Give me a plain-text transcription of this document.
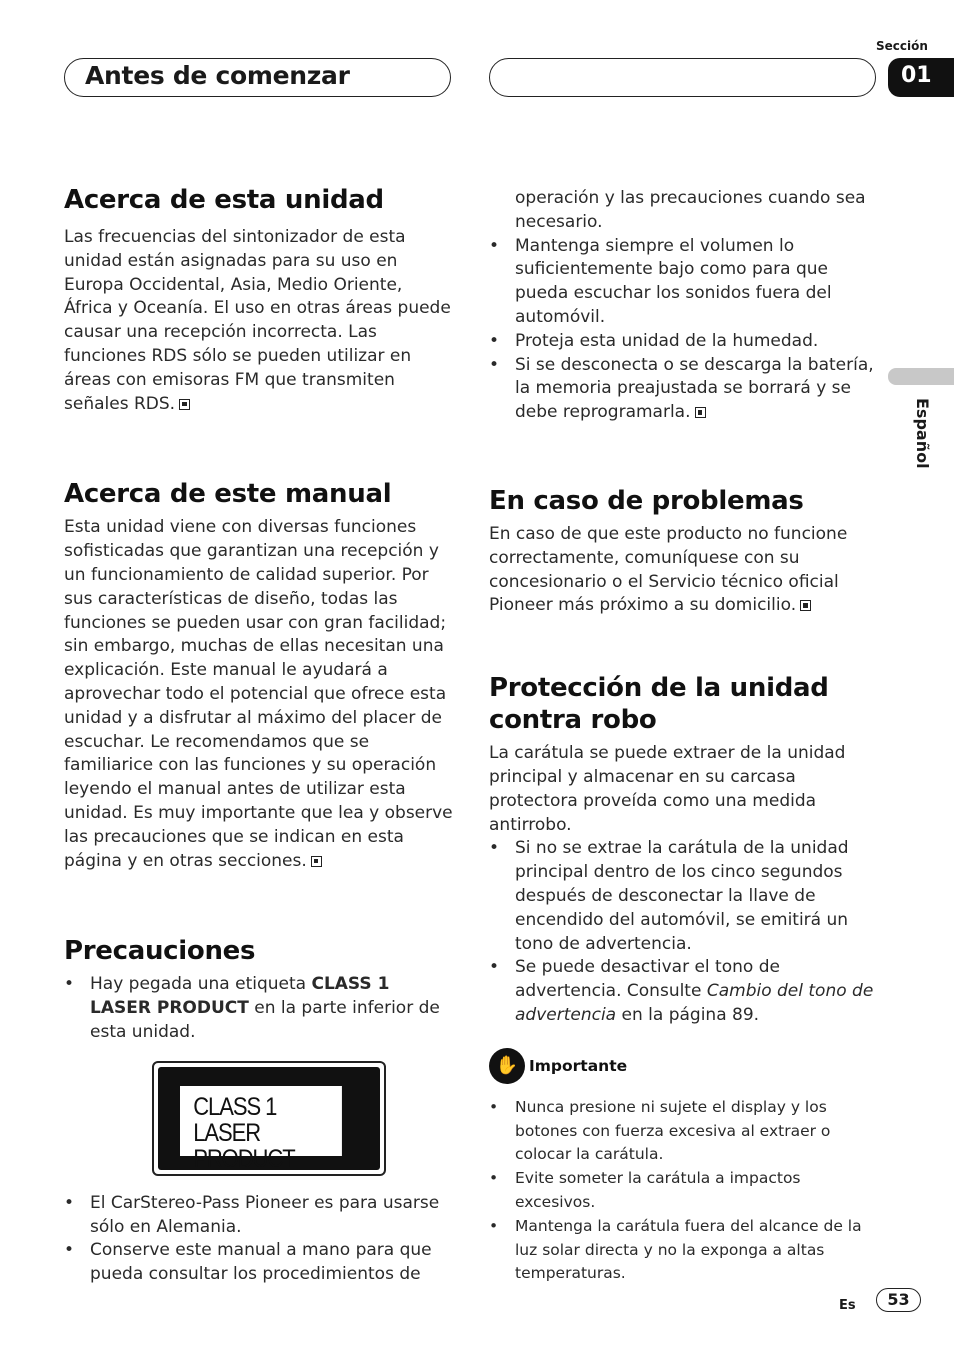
Antes de comenzar
Sección
01
Español
Acerca de esta unidad

Las frecuencias del sintonizador de esta unidad están asignadas para su uso en Europa Occidental, Asia, Medio Oriente, África y Oceanía. El uso en otras áreas puede causar una recepción incorrecta. Las funciones RDS sólo se pueden utilizar en áreas con emisoras FM que transmiten señales RDS.

Acerca de este manual

Esta unidad viene con diversas funciones sofisticadas que garantizan una recepción y un funcionamiento de calidad superior. Por sus características de diseño, todas las funciones se pueden usar con gran facilidad; sin embargo, muchas de ellas necesitan una explicación. Este manual le ayudará a aprovechar todo el potencial que ofrece esta unidad y a disfrutar al máximo del placer de escuchar. Le recomendamos que se familiarice con las funciones y su operación leyendo el manual antes de utilizar esta unidad. Es muy importante que lea y observe las precauciones que se indican en esta página y en otras secciones.

Precauciones
• Hay pegada una etiqueta CLASS 1 LASER PRODUCT en la parte inferior de esta unidad.
CLASS 1
LASER PRODUCT
• El CarStereo-Pass Pioneer es para usarse sólo en Alemania.
• Conserve este manual a mano para que pueda consultar los procedimientos de

operación y las precauciones cuando sea necesario.

• Mantenga siempre el volumen lo suficientemente bajo como para que pueda escuchar los sonidos fuera del automóvil.
• Proteja esta unidad de la humedad.
• Si se desconecta o se descarga la batería, la memoria preajustada se borrará y se debe reprogramarla.
En caso de problemas

En caso de que este producto no funcione correctamente, comuníquese con su concesionario o el Servicio técnico oficial Pioneer más próximo a su domicilio.

Protección de la unidad contra robo

La carátula se puede extraer de la unidad principal y almacenar en su carcasa protectora proveída como una medida antirrobo.

• Si no se extrae la carátula de la unidad principal dentro de los cinco segundos después de desconectar la llave de encendido del automóvil, se emitirá un tono de advertencia.
• Se puede desactivar el tono de advertencia. Consulte Cambio del tono de advertencia en la página 89.
✋ Importante
• Nunca presione ni sujete el display y los botones con fuerza excesiva al extraer o colocar la carátula.
• Evite someter la carátula a impactos excesivos.
• Mantenga la carátula fuera del alcance de la luz solar directa y no la exponga a altas temperaturas.
Es	53
